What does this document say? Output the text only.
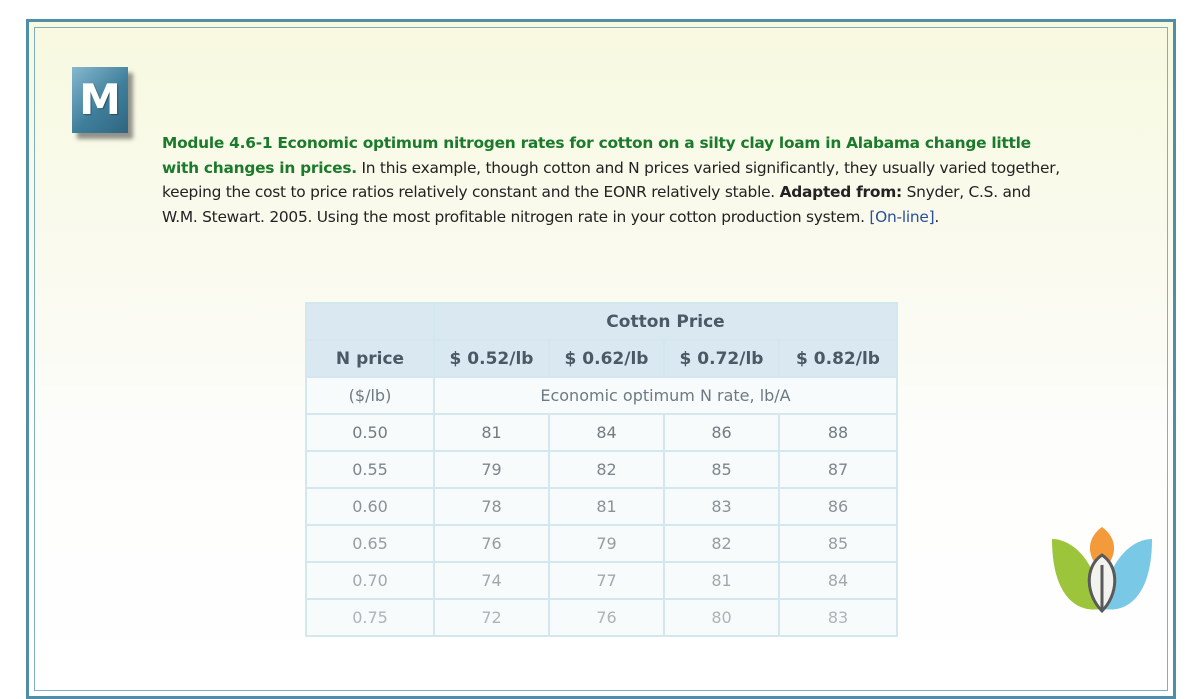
M
Module 4.6-1 Economic optimum nitrogen rates for cotton on a silty clay loam in Alabama change little with changes in prices. In this example, though cotton and N prices varied significantly, they usually varied together, keeping the cost to price ratios relatively constant and the EONR relatively stable. Adapted from: Snyder, C.S. and W.M. Stewart. 2005. Using the most profitable nitrogen rate in your cotton production system. [On-line].
	Cotton Price			
N price	$ 0.52/lb	$ 0.62/lb	$ 0.72/lb	$ 0.82/lb
($/lb)	Economic optimum N rate, lb/A			
0.50	81	84	86	88
0.55	79	82	85	87
0.60	78	81	83	86
0.65	76	79	82	85
0.70	74	77	81	84
0.75	72	76	80	83
